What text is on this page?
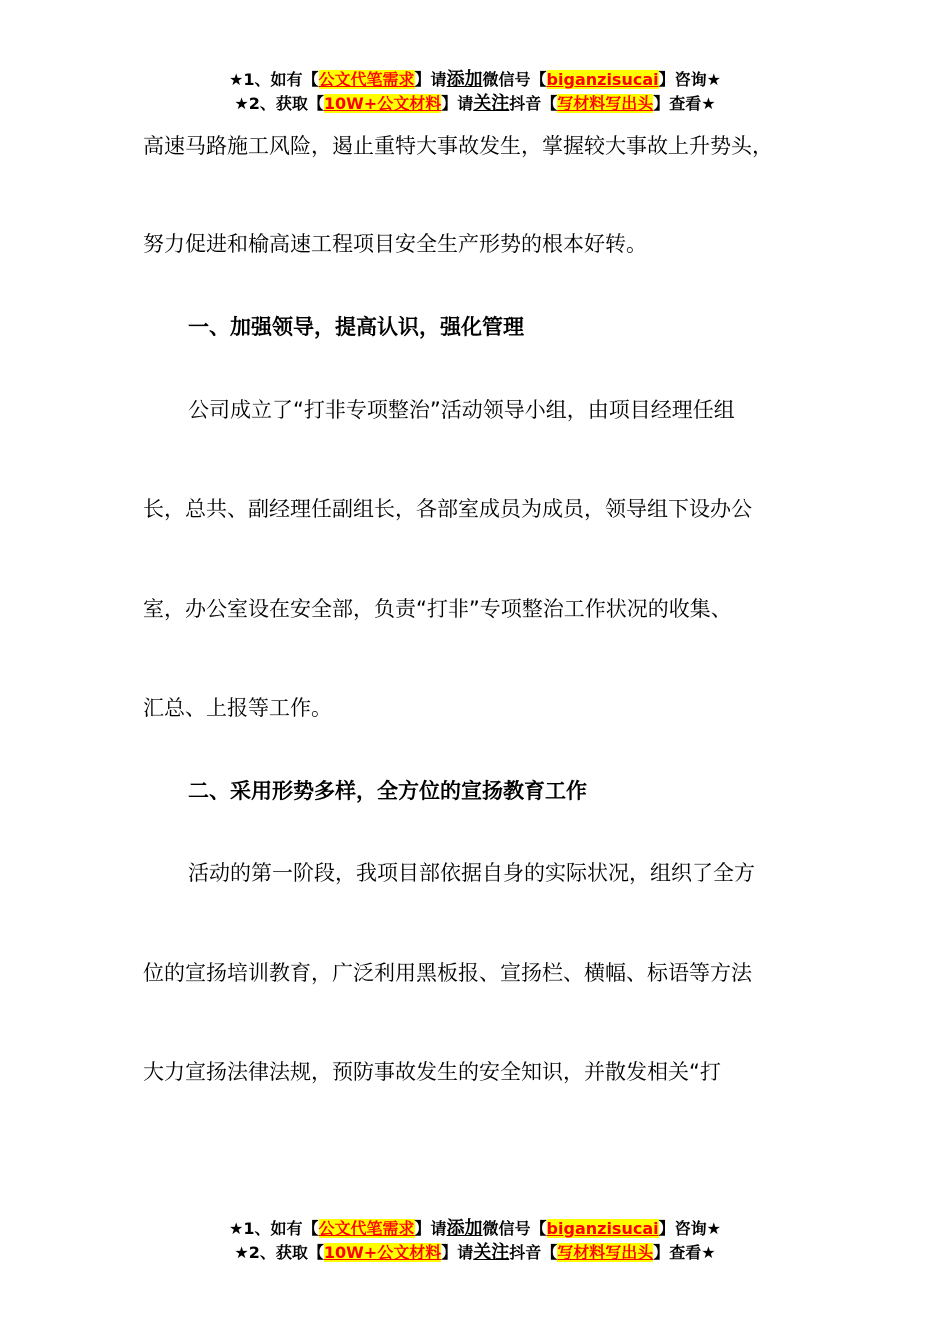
★1、如有【公文代笔需求】请添加微信号【biganzisucai】咨询★
★2、获取【10W+公文材料】请关注抖音【写材料写出头】查看★
高速马路施工风险，遏止重特大事故发生，掌握较大事故上升势头，
努力促进和榆高速工程项目安全生产形势的根本好转。
一、加强领导，提高认识，强化管理
公司成立了“打非专项整治”活动领导小组，由项目经理任组
长，总共、副经理任副组长，各部室成员为成员，领导组下设办公
室，办公室设在安全部，负责“打非”专项整治工作状况的收集、
汇总、上报等工作。
二、采用形势多样，全方位的宣扬教育工作
活动的第一阶段，我项目部依据自身的实际状况，组织了全方
位的宣扬培训教育，广泛利用黑板报、宣扬栏、横幅、标语等方法
大力宣扬法律法规，预防事故发生的安全知识，并散发相关“打
★1、如有【公文代笔需求】请添加微信号【biganzisucai】咨询★
★2、获取【10W+公文材料】请关注抖音【写材料写出头】查看★
